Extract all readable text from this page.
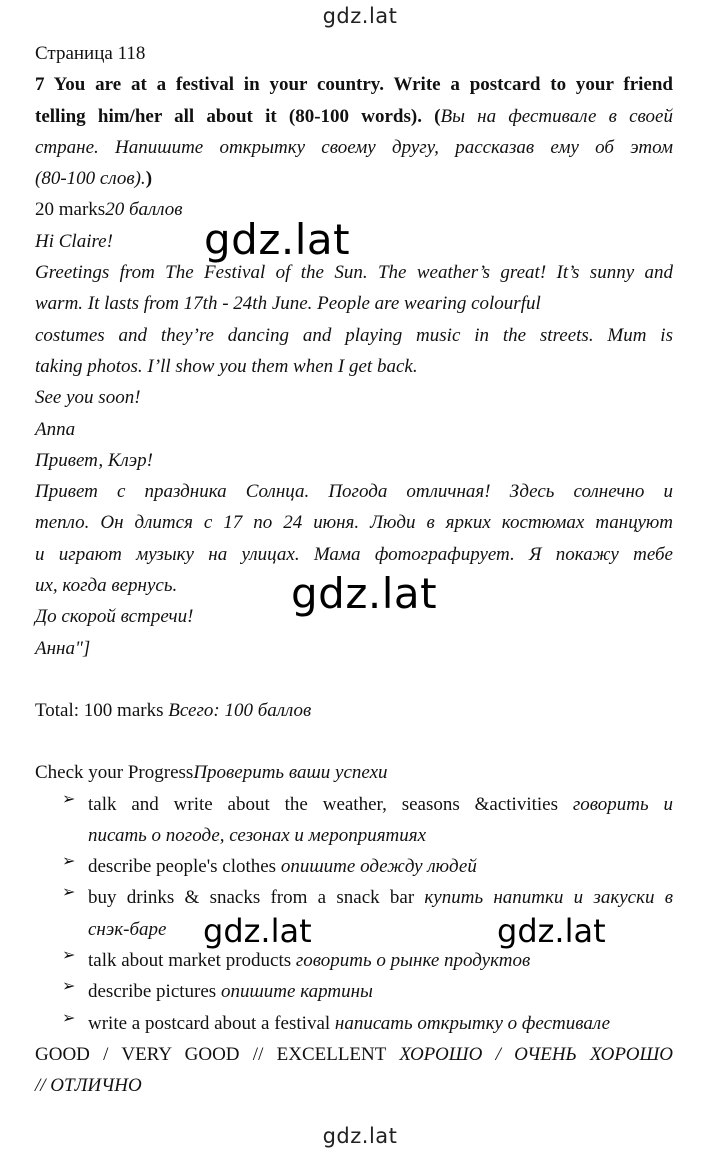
gdz.lat
Страница 118
7 You are at a festival in your country. Write a postcard to your friend
telling him/her all about it (80-100 words). (Вы на фестивале в своей
стране. Напишите открытку своему другу, рассказав ему об этом
(80-100 слов).)
20 marks20 баллов
Hi Claire!
Greetings from The Festival of the Sun. The weather’s great! It’s sunny and
warm. It lasts from 17th - 24th June. People are wearing colourful
costumes and they’re dancing and playing music in the streets. Mum is
taking photos. I’ll show you them when I get back.
See you soon!
Anna
Привет, Клэр!
Привет с праздника Солнца. Погода отличная! Здесь солнечно и
тепло. Он длится с 17 по 24 июня. Люди в ярких костюмах танцуют
и играют музыку на улицах. Мама фотографирует. Я покажу тебе
их, когда вернусь.
До скорой встречи!
Анна"]
Total: 100 marks Всего: 100 баллов
Check your ProgressПроверить ваши успехи
➢ talk and write about the weather, seasons &activities говорить и
писать о погоде, сезонах и мероприятиях
➢ describe people's clothes опишите одежду людей
➢ buy drinks & snacks from a snack bar купить напитки и закуски в
снэк-баре
➢ talk about market products говорить о рынке продуктов
➢ describe pictures опишите картины
➢ write a postcard about a festival написать открытку о фестивале
GOOD / VERY GOOD // EXCELLENT ХОРОШО / ОЧЕНЬ ХОРОШО
// ОТЛИЧНО
gdz.lat
gdz.lat
gdz.lat	gdz.lat
gdz.lat
